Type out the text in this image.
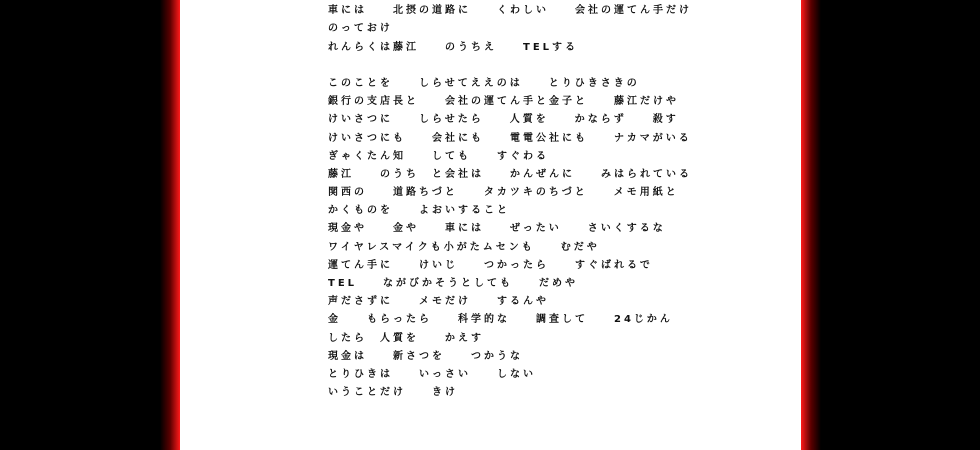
車には　　北摂の道路に　　くわしい　　会社の運てん手だけ
のっておけ
れんらくは藤江　　のうちえ　　TELする
このことを　　しらせてええのは　　とりひきさきの
銀行の支店長と　　会社の運てん手と金子と　　藤江だけや
けいさつに　　しらせたら　　人質を　　かならず　　殺す
けいさつにも　　会社にも　　電電公社にも　　ナカマがいる
ぎゃくたん知　　しても　　すぐわる
藤江　　のうち　と会社は　　かんぜんに　　みはられている
関西の　　道路ちづと　　タカツキのちづと　　メモ用紙と
かくものを　　よおいすること
現金や　　金や　　車には　　ぜったい　　さいくするな
ワイヤレスマイクも小がたムセンも　　むだや
運てん手に　　けいじ　　つかったら　　すぐばれるで
TEL　　ながびかそうとしても　　だめや
声ださずに　　メモだけ　　するんや
金　　もらったら　　科学的な　　調査して　　24じかん
したら　人質を　　かえす
現金は　　新さつを　　つかうな
とりひきは　　いっさい　　しない
いうことだけ　　きけ
